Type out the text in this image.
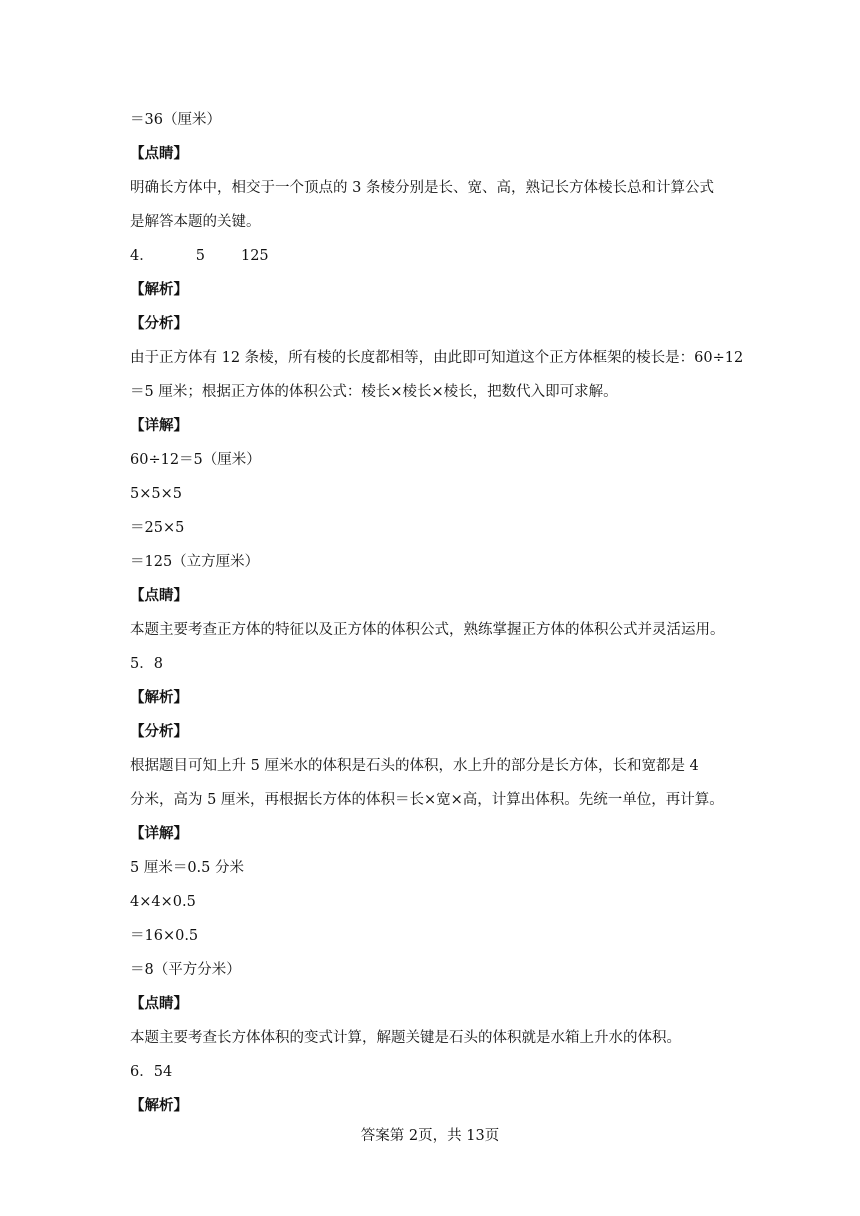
＝36（厘米）
【点睛】
明确长方体中，相交于一个顶点的 3 条棱分别是长、宽、高，熟记长方体棱长总和计算公式
是解答本题的关键。
4．	5 125
【解析】
【分析】
由于正方体有 12 条棱，所有棱的长度都相等，由此即可知道这个正方体框架的棱长是：60÷12
＝5 厘米；根据正方体的体积公式：棱长×棱长×棱长，把数代入即可求解。
【详解】
60÷12＝5（厘米）
5×5×5
＝25×5
＝125（立方厘米）
【点睛】
本题主要考查正方体的特征以及正方体的体积公式，熟练掌握正方体的体积公式并灵活运用。
5．8
【解析】
【分析】
根据题目可知上升 5 厘米水的体积是石头的体积，水上升的部分是长方体，长和宽都是 4
分米，高为 5 厘米，再根据长方体的体积＝长×宽×高，计算出体积。先统一单位，再计算。
【详解】
5 厘米＝0.5 分米
4×4×0.5
＝16×0.5
＝8（平方分米）
【点睛】
本题主要考查长方体体积的变式计算，解题关键是石头的体积就是水箱上升水的体积。
6．54
【解析】
答案第 2页，共 13页
